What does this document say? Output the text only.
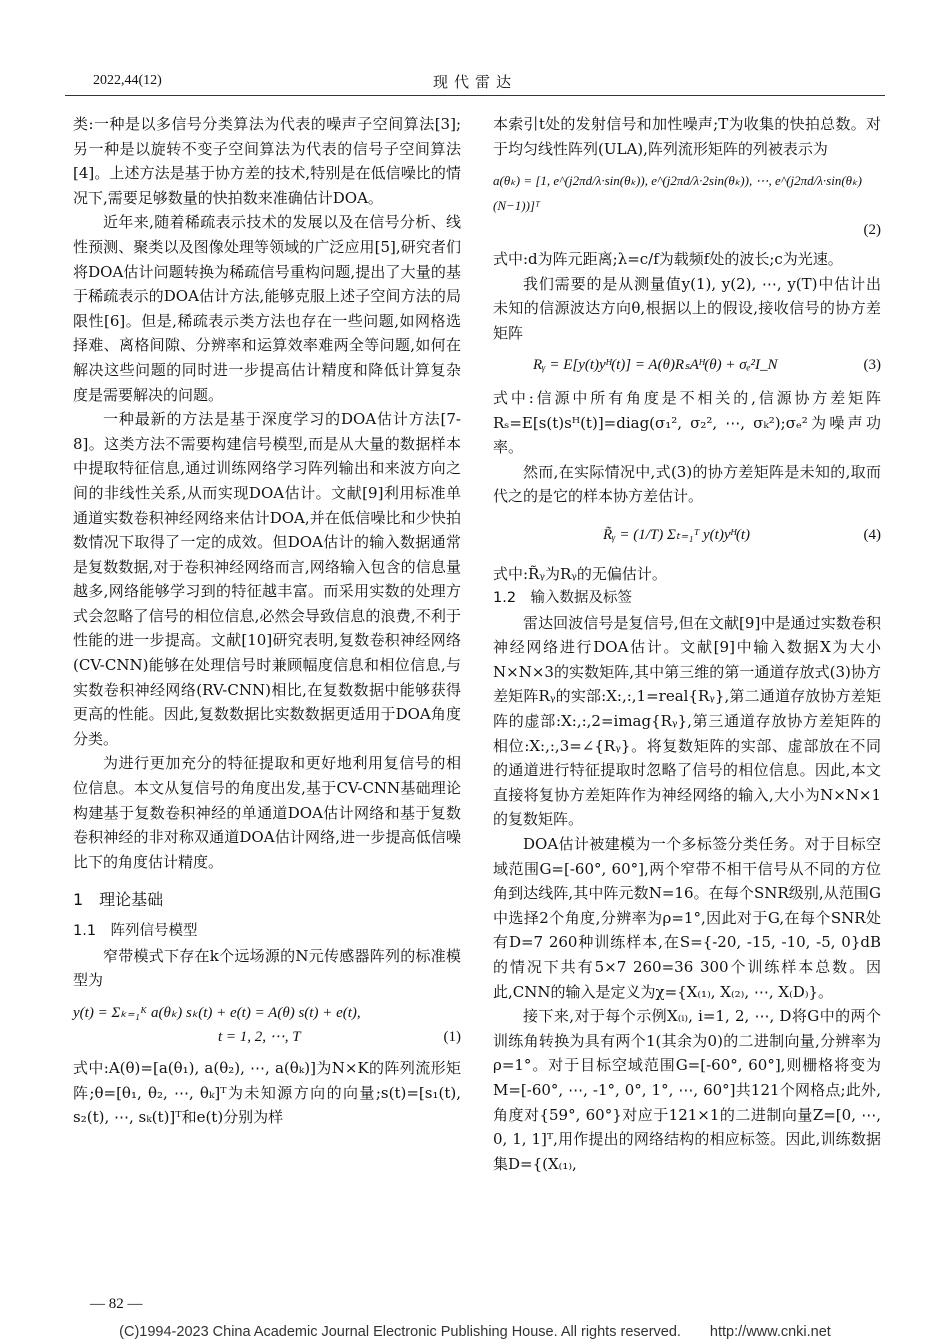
2022,44(12)	现代雷达

类:一种是以多信号分类算法为代表的噪声子空间算法[3];另一种是以旋转不变子空间算法为代表的信号子空间算法[4]。上述方法是基于协方差的技术,特别是在低信噪比的情况下,需要足够数量的快拍数来准确估计DOA。

近年来,随着稀疏表示技术的发展以及在信号分析、线性预测、聚类以及图像处理等领域的广泛应用[5],研究者们将DOA估计问题转换为稀疏信号重构问题,提出了大量的基于稀疏表示的DOA估计方法,能够克服上述子空间方法的局限性[6]。但是,稀疏表示类方法也存在一些问题,如网格选择难、离格间隙、分辨率和运算效率难两全等问题,如何在解决这些问题的同时进一步提高估计精度和降低计算复杂度是需要解决的问题。

一种最新的方法是基于深度学习的DOA估计方法[7-8]。这类方法不需要构建信号模型,而是从大量的数据样本中提取特征信息,通过训练网络学习阵列输出和来波方向之间的非线性关系,从而实现DOA估计。文献[9]利用标准单通道实数卷积神经网络来估计DOA,并在低信噪比和少快拍数情况下取得了一定的成效。但DOA估计的输入数据通常是复数数据,对于卷积神经网络而言,网络输入包含的信息量越多,网络能够学习到的特征越丰富。而采用实数的处理方式会忽略了信号的相位信息,必然会导致信息的浪费,不利于性能的进一步提高。文献[10]研究表明,复数卷积神经网络(CV-CNN)能够在处理信号时兼顾幅度信息和相位信息,与实数卷积神经网络(RV-CNN)相比,在复数数据中能够获得更高的性能。因此,复数数据比实数数据更适用于DOA角度分类。

为进行更加充分的特征提取和更好地利用复信号的相位信息。本文从复信号的角度出发,基于CV-CNN基础理论构建基于复数卷积神经的单通道DOA估计网络和基于复数卷积神经的非对称双通道DOA估计网络,进一步提高低信噪比下的角度估计精度。

1　理论基础
1.1　阵列信号模型

窄带模式下存在k个远场源的N元传感器阵列的标准模型为

y(t) = Σₖ₌₁ᴷ a(θₖ) sₖ(t) + e(t) = A(θ) s(t) + e(t),
t = 1, 2, ⋯, T	(1)

式中:A(θ)=[a(θ₁), a(θ₂), ⋯, a(θₖ)]为N×K的阵列流形矩阵;θ=[θ₁, θ₂, ⋯, θₖ]ᵀ为未知源方向的向量;s(t)=[s₁(t), s₂(t), ⋯, sₖ(t)]ᵀ和e(t)分别为样

本索引t处的发射信号和加性噪声;T为收集的快拍总数。对于均匀线性阵列(ULA),阵列流形矩阵的列被表示为

a(θₖ) = [1, e^(j2πd/λ·sin(θₖ)), e^(j2πd/λ·2sin(θₖ)), ⋯, e^(j2πd/λ·sin(θₖ)(N−1))]ᵀ
(2)

式中:d为阵元距离;λ=c/f为载频f处的波长;c为光速。

我们需要的是从测量值y(1), y(2), ⋯, y(T)中估计出未知的信源波达方向θ,根据以上的假设,接收信号的协方差矩阵

Rᵧ = E[y(t)yᴴ(t)] = A(θ)RₛAᴴ(θ) + σₑ²I_N	(3)

式中:信源中所有角度是不相关的,信源协方差矩阵Rₛ=E[s(t)sᴴ(t)]=diag(σ₁², σ₂², ⋯, σₖ²);σₑ²为噪声功率。

然而,在实际情况中,式(3)的协方差矩阵是未知的,取而代之的是它的样本协方差估计。

R̃ᵧ = (1/T) Σₜ₌₁ᵀ y(t)yᴴ(t)	(4)

式中:R̃ᵧ为Rᵧ的无偏估计。

1.2　输入数据及标签

雷达回波信号是复信号,但在文献[9]中是通过实数卷积神经网络进行DOA估计。文献[9]中输入数据X为大小N×N×3的实数矩阵,其中第三维的第一通道存放式(3)协方差矩阵Rᵧ的实部:X:,:,1=real{Rᵧ},第二通道存放协方差矩阵的虚部:X:,:,2=imag{Rᵧ},第三通道存放协方差矩阵的相位:X:,:,3=∠{Rᵧ}。将复数矩阵的实部、虚部放在不同的通道进行特征提取时忽略了信号的相位信息。因此,本文直接将复协方差矩阵作为神经网络的输入,大小为N×N×1的复数矩阵。

DOA估计被建模为一个多标签分类任务。对于目标空域范围G=[-60°, 60°],两个窄带不相干信号从不同的方位角到达线阵,其中阵元数N=16。在每个SNR级别,从范围G中选择2个角度,分辨率为ρ=1°,因此对于G,在每个SNR处有D=7 260种训练样本,在S={-20, -15, -10, -5, 0}dB的情况下共有5×7 260=36 300个训练样本总数。因此,CNN的输入是定义为χ={X₍₁₎, X₍₂₎, ⋯, X₍D₎}。

接下来,对于每个示例X₍ᵢ₎, i=1, 2, ⋯, D将G中的两个训练角转换为具有两个1(其余为0)的二进制向量,分辨率为ρ=1°。对于目标空域范围G=[-60°, 60°],则栅格将变为M=[-60°, ⋯, -1°, 0°, 1°, ⋯, 60°]共121个网格点;此外,角度对{59°, 60°}对应于121×1的二进制向量Z=[0, ⋯, 0, 1, 1]ᵀ,用作提出的网络结构的相应标签。因此,训练数据集D={(X₍₁₎,

— 82 —
(C)1994-2023 China Academic Journal Electronic Publishing House. All rights reserved.　　http://www.cnki.net
